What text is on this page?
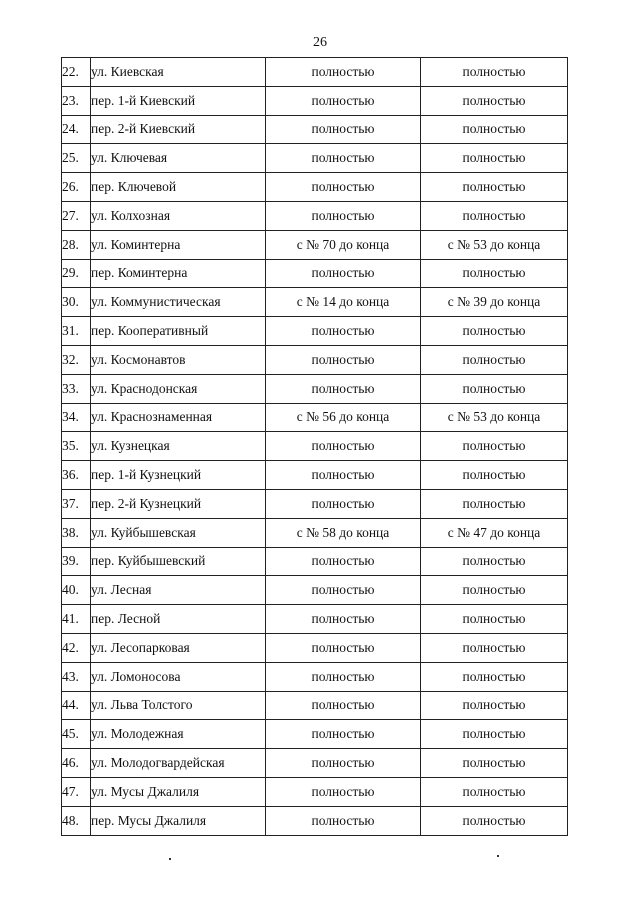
26
22.	ул. Киевская	полностью	полностью
23.	пер. 1-й Киевский	полностью	полностью
24.	пер. 2-й Киевский	полностью	полностью
25.	ул. Ключевая	полностью	полностью
26.	пер. Ключевой	полностью	полностью
27.	ул. Колхозная	полностью	полностью
28.	ул. Коминтерна	с № 70 до конца	с № 53 до конца
29.	пер. Коминтерна	полностью	полностью
30.	ул. Коммунистическая	с № 14 до конца	с № 39 до конца
31.	пер. Кооперативный	полностью	полностью
32.	ул. Космонавтов	полностью	полностью
33.	ул. Краснодонская	полностью	полностью
34.	ул. Краснознаменная	с № 56 до конца	с № 53 до конца
35.	ул. Кузнецкая	полностью	полностью
36.	пер. 1-й Кузнецкий	полностью	полностью
37.	пер. 2-й Кузнецкий	полностью	полностью
38.	ул. Куйбышевская	с № 58 до конца	с № 47 до конца
39.	пер. Куйбышевский	полностью	полностью
40.	ул. Лесная	полностью	полностью
41.	пер. Лесной	полностью	полностью
42.	ул. Лесопарковая	полностью	полностью
43.	ул. Ломоносова	полностью	полностью
44.	ул. Льва Толстого	полностью	полностью
45.	ул. Молодежная	полностью	полностью
46.	ул. Молодогвардейская	полностью	полностью
47.	ул. Мусы Джалиля	полностью	полностью
48.	пер. Мусы Джалиля	полностью	полностью
